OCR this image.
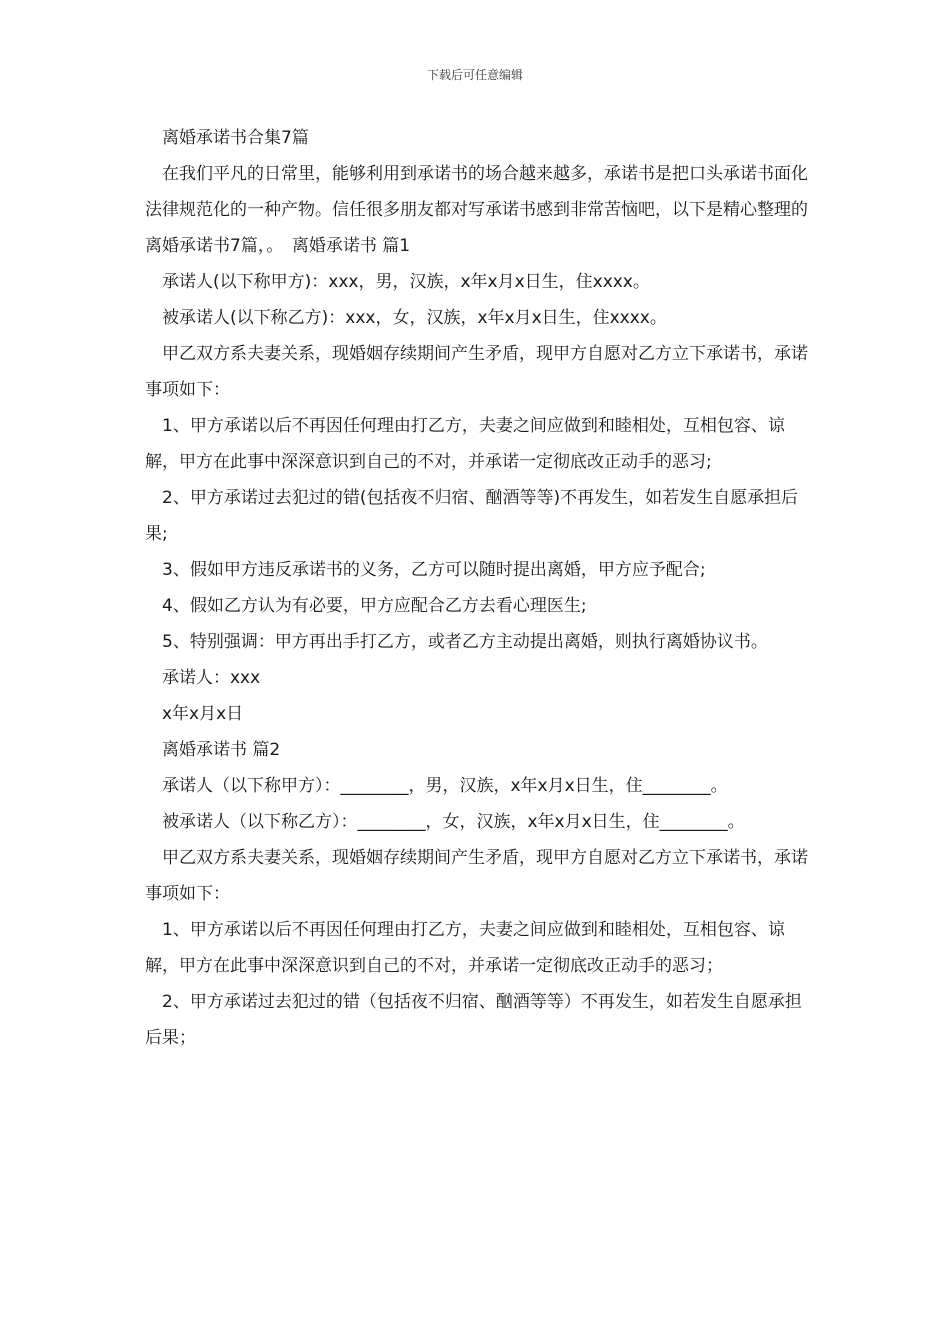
下载后可任意编辑

离婚承诺书合集7篇

在我们平凡的日常里，能够利用到承诺书的场合越来越多，承诺书是把口头承诺书面化法律规范化的一种产物。信任很多朋友都对写承诺书感到非常苦恼吧，以下是精心整理的离婚承诺书7篇，。　离婚承诺书 篇1

承诺人(以下称甲方)：xxx，男，汉族，x年x月x日生，住xxxx。

被承诺人(以下称乙方)：xxx，女，汉族，x年x月x日生，住xxxx。

甲乙双方系夫妻关系，现婚姻存续期间产生矛盾，现甲方自愿对乙方立下承诺书，承诺事项如下：

1、甲方承诺以后不再因任何理由打乙方，夫妻之间应做到和睦相处，互相包容、谅解，甲方在此事中深深意识到自己的不对，并承诺一定彻底改正动手的恶习;

2、甲方承诺过去犯过的错(包括夜不归宿、酗酒等等)不再发生，如若发生自愿承担后果;

3、假如甲方违反承诺书的义务，乙方可以随时提出离婚，甲方应予配合;

4、假如乙方认为有必要，甲方应配合乙方去看心理医生;

5、特别强调：甲方再出手打乙方，或者乙方主动提出离婚，则执行离婚协议书。

承诺人：xxx

x年x月x日

离婚承诺书 篇2

承诺人（以下称甲方）：________，男，汉族，x年x月x日生，住________。

被承诺人（以下称乙方）：________，女，汉族，x年x月x日生，住________。

甲乙双方系夫妻关系，现婚姻存续期间产生矛盾，现甲方自愿对乙方立下承诺书，承诺事项如下：

1、甲方承诺以后不再因任何理由打乙方，夫妻之间应做到和睦相处，互相包容、谅解，甲方在此事中深深意识到自己的不对，并承诺一定彻底改正动手的恶习；

2、甲方承诺过去犯过的错（包括夜不归宿、酗酒等等）不再发生，如若发生自愿承担后果；
